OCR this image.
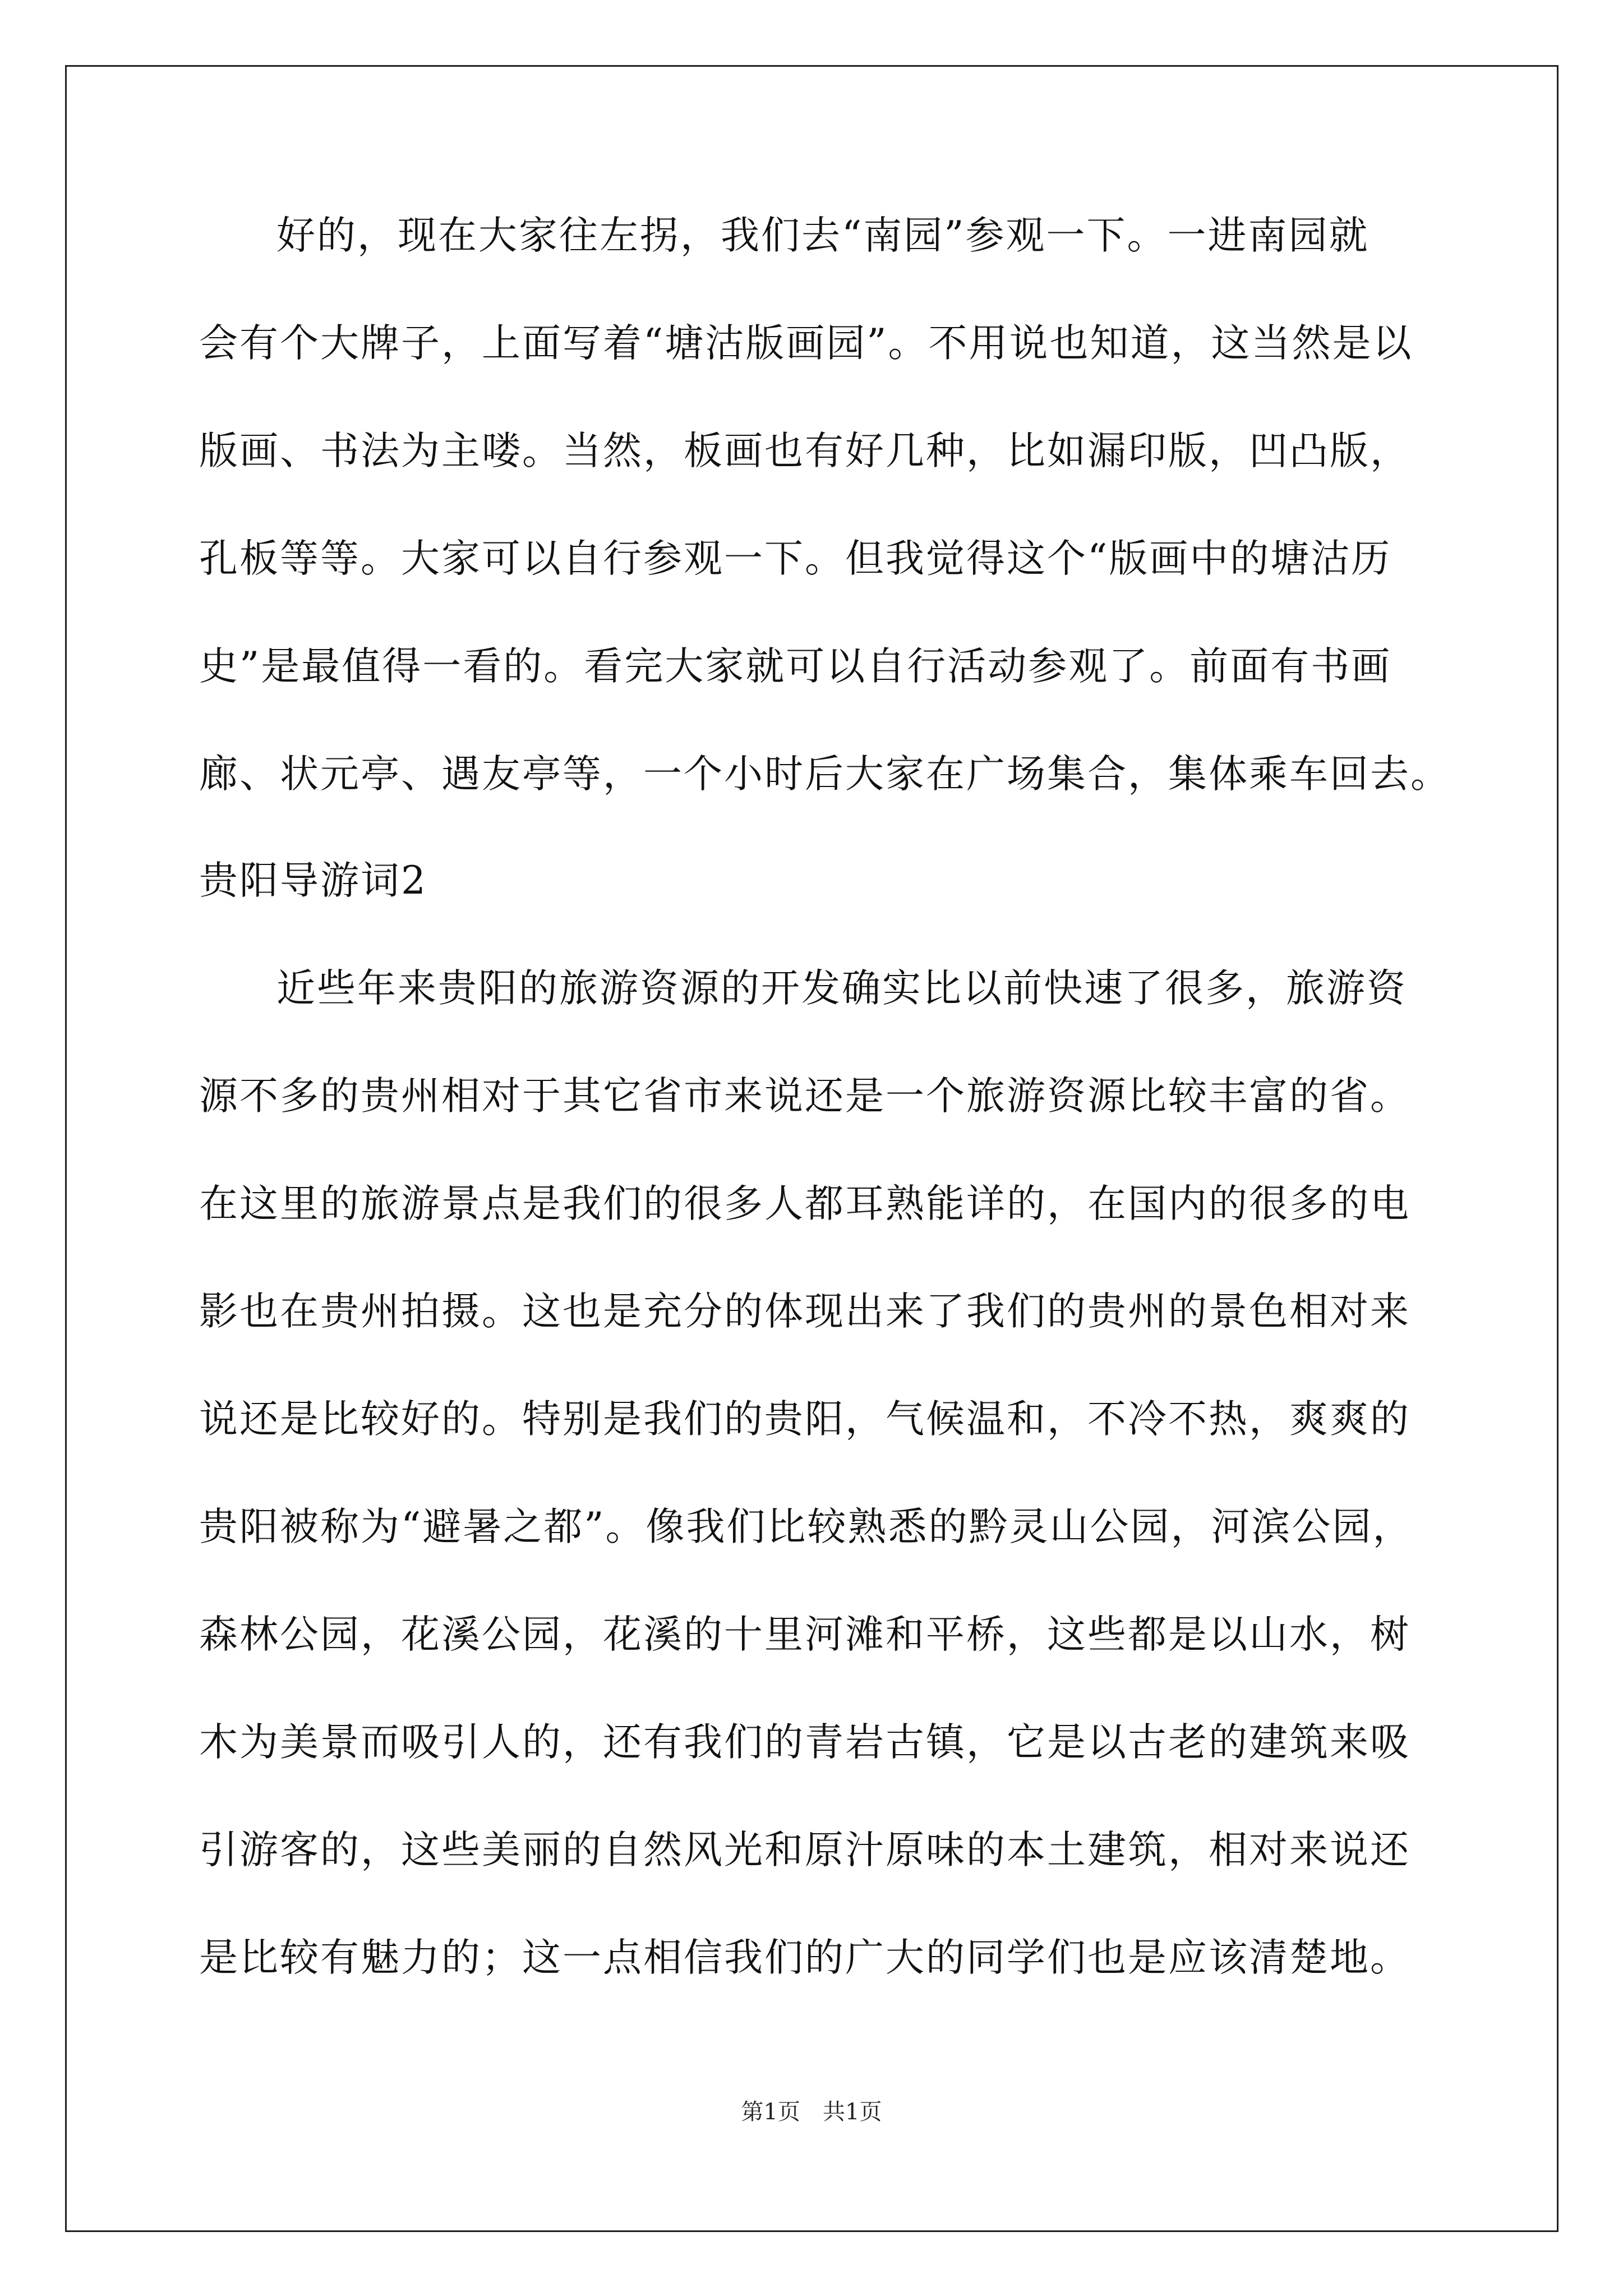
好的，现在大家往左拐，我们去“南园”参观一下。一进南园就
会有个大牌子，上面写着“塘沽版画园”。不用说也知道，这当然是以
版画、书法为主喽。当然，板画也有好几种，比如漏印版，凹凸版，
孔板等等。大家可以自行参观一下。但我觉得这个“版画中的塘沽历
史”是最值得一看的。看完大家就可以自行活动参观了。前面有书画
廊、状元亭、遇友亭等，一个小时后大家在广场集合，集体乘车回去。
贵阳导游词2
近些年来贵阳的旅游资源的开发确实比以前快速了很多，旅游资
源不多的贵州相对于其它省市来说还是一个旅游资源比较丰富的省。
在这里的旅游景点是我们的很多人都耳熟能详的，在国内的很多的电
影也在贵州拍摄。这也是充分的体现出来了我们的贵州的景色相对来
说还是比较好的。特别是我们的贵阳，气候温和，不冷不热，爽爽的
贵阳被称为“避暑之都”。像我们比较熟悉的黔灵山公园，河滨公园，
森林公园，花溪公园，花溪的十里河滩和平桥，这些都是以山水，树
木为美景而吸引人的，还有我们的青岩古镇，它是以古老的建筑来吸
引游客的，这些美丽的自然风光和原汁原味的本土建筑，相对来说还
是比较有魅力的；这一点相信我们的广大的同学们也是应该清楚地。
第1页 共1页
